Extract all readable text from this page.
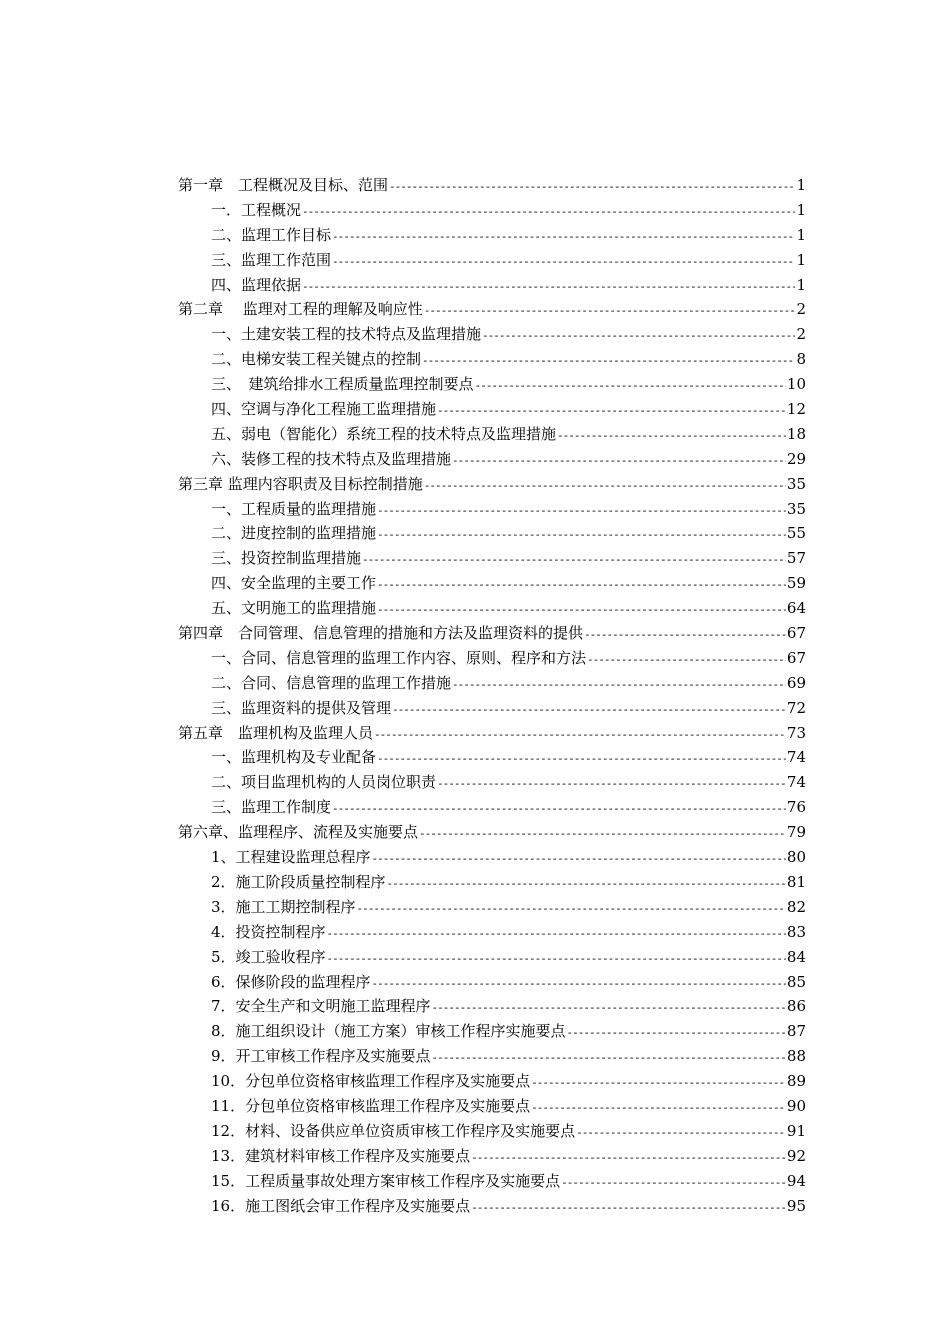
第一章　工程概况及目标、范围 -----	1
一．工程概况 -----	1
二、监理工作目标 -----	1
三、监理工作范围 -----	1
四、监理依据 -----	1
第二章　 监理对工程的理解及响应性 -----	2
一、土建安装工程的技术特点及监理措施 -----	2
二、电梯安装工程关键点的控制 -----	8
三、　建筑给排水工程质量监理控制要点 -----	10
四、空调与净化工程施工监理措施 -----	12
五、弱电（智能化）系统工程的技术特点及监理措施 -----	18
六、装修工程的技术特点及监理措施 -----	29
第三章 监理内容职责及目标控制措施 -----	35
一、工程质量的监理措施 -----	35
二、进度控制的监理措施 -----	55
三、投资控制监理措施 -----	57
四、安全监理的主要工作 -----	59
五、文明施工的监理措施 -----	64
第四章　合同管理、信息管理的措施和方法及监理资料的提供 -----	67
一、合同、信息管理的监理工作内容、原则、程序和方法 -----	67
二、合同、信息管理的监理工作措施 -----	69
三、监理资料的提供及管理 -----	72
第五章　监理机构及监理人员 -----	73
一、监理机构及专业配备 -----	74
二、项目监理机构的人员岗位职责 -----	74
三、监理工作制度 -----	76
第六章、监理程序、流程及实施要点 -----	79
1、工程建设监理总程序 -----	80
2．施工阶段质量控制程序 -----	81
3．施工工期控制程序 -----	82
4．投资控制程序 -----	83
5．竣工验收程序 -----	84
6．保修阶段的监理程序 -----	85
7．安全生产和文明施工监理程序 -----	86
8．施工组织设计（施工方案）审核工作程序实施要点 -----	87
9．开工审核工作程序及实施要点 -----	88
10．分包单位资格审核监理工作程序及实施要点 -----	89
11．分包单位资格审核监理工作程序及实施要点 -----	90
12．材料、设备供应单位资质审核工作程序及实施要点 -----	91
13．建筑材料审核工作程序及实施要点 -----	92
15．工程质量事故处理方案审核工作程序及实施要点 -----	94
16．施工图纸会审工作程序及实施要点 -----	95
